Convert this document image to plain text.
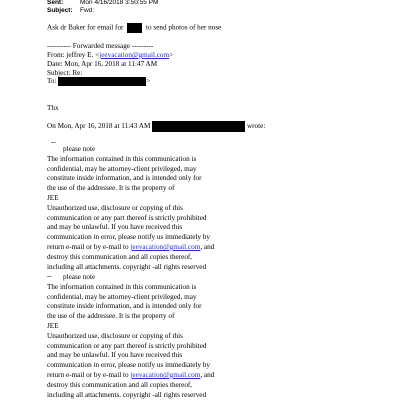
Sent:	Mon 4/16/2018 3:50:55 PM
Subject: Fwd:
Ask dr Baker for email for	to send photos of her nose
---------- Forwarded message ---------
From: jeffrey E. <jeevacation@gmail.com>
Date: Mon, Apr 16, 2018 at 11:47 AM
Subject: Re:
To:	>
Thx
On Mon, Apr 16, 2018 at 11:43 AM	wrote:
--
please note
The information contained in this communication is
confidential, may be attorney-client privileged, may
constitute inside information, and is intended only for
the use of the addressee. It is the property of
JEE
Unauthorized use, disclosure or copying of this
communication or any part thereof is strictly prohibited
and may be unlawful. If you have received this
communication in error, please notify us immediately by
return e-mail or by e-mail to jeevacation@gmail.com, and
destroy this communication and all copies thereof,
including all attachments. copyright -all rights reserved
--	please note
The information contained in this communication is
confidential, may be attorney-client privileged, may
constitute inside information, and is intended only for
the use of the addressee. It is the property of
JEE
Unauthorized use, disclosure or copying of this
communication or any part thereof is strictly prohibited
and may be unlawful. If you have received this
communication in error, please notify us immediately by
return e-mail or by e-mail to jeevacation@gmail.com, and
destroy this communication and all copies thereof,
including all attachments. copyright -all rights reserved
